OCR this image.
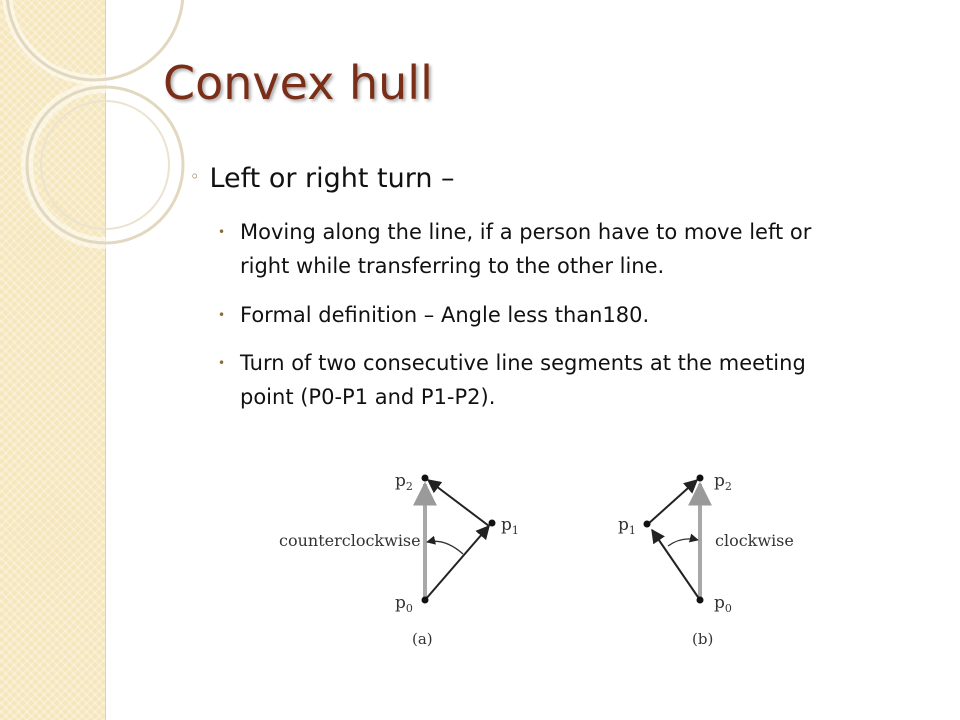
Convex hull
◦ Left or right turn –
• Moving along the line, if a person have to move left or right while transferring to the other line.
• Formal definition – Angle less than180.
• Turn of two consecutive line segments at the meeting point (P0-P1 and P1-P2).
$p_0$
$p_1$
$p_2$
counterclockwise
(a)
$p_0$
$p_1$
$p_2$
clockwise
(b)
